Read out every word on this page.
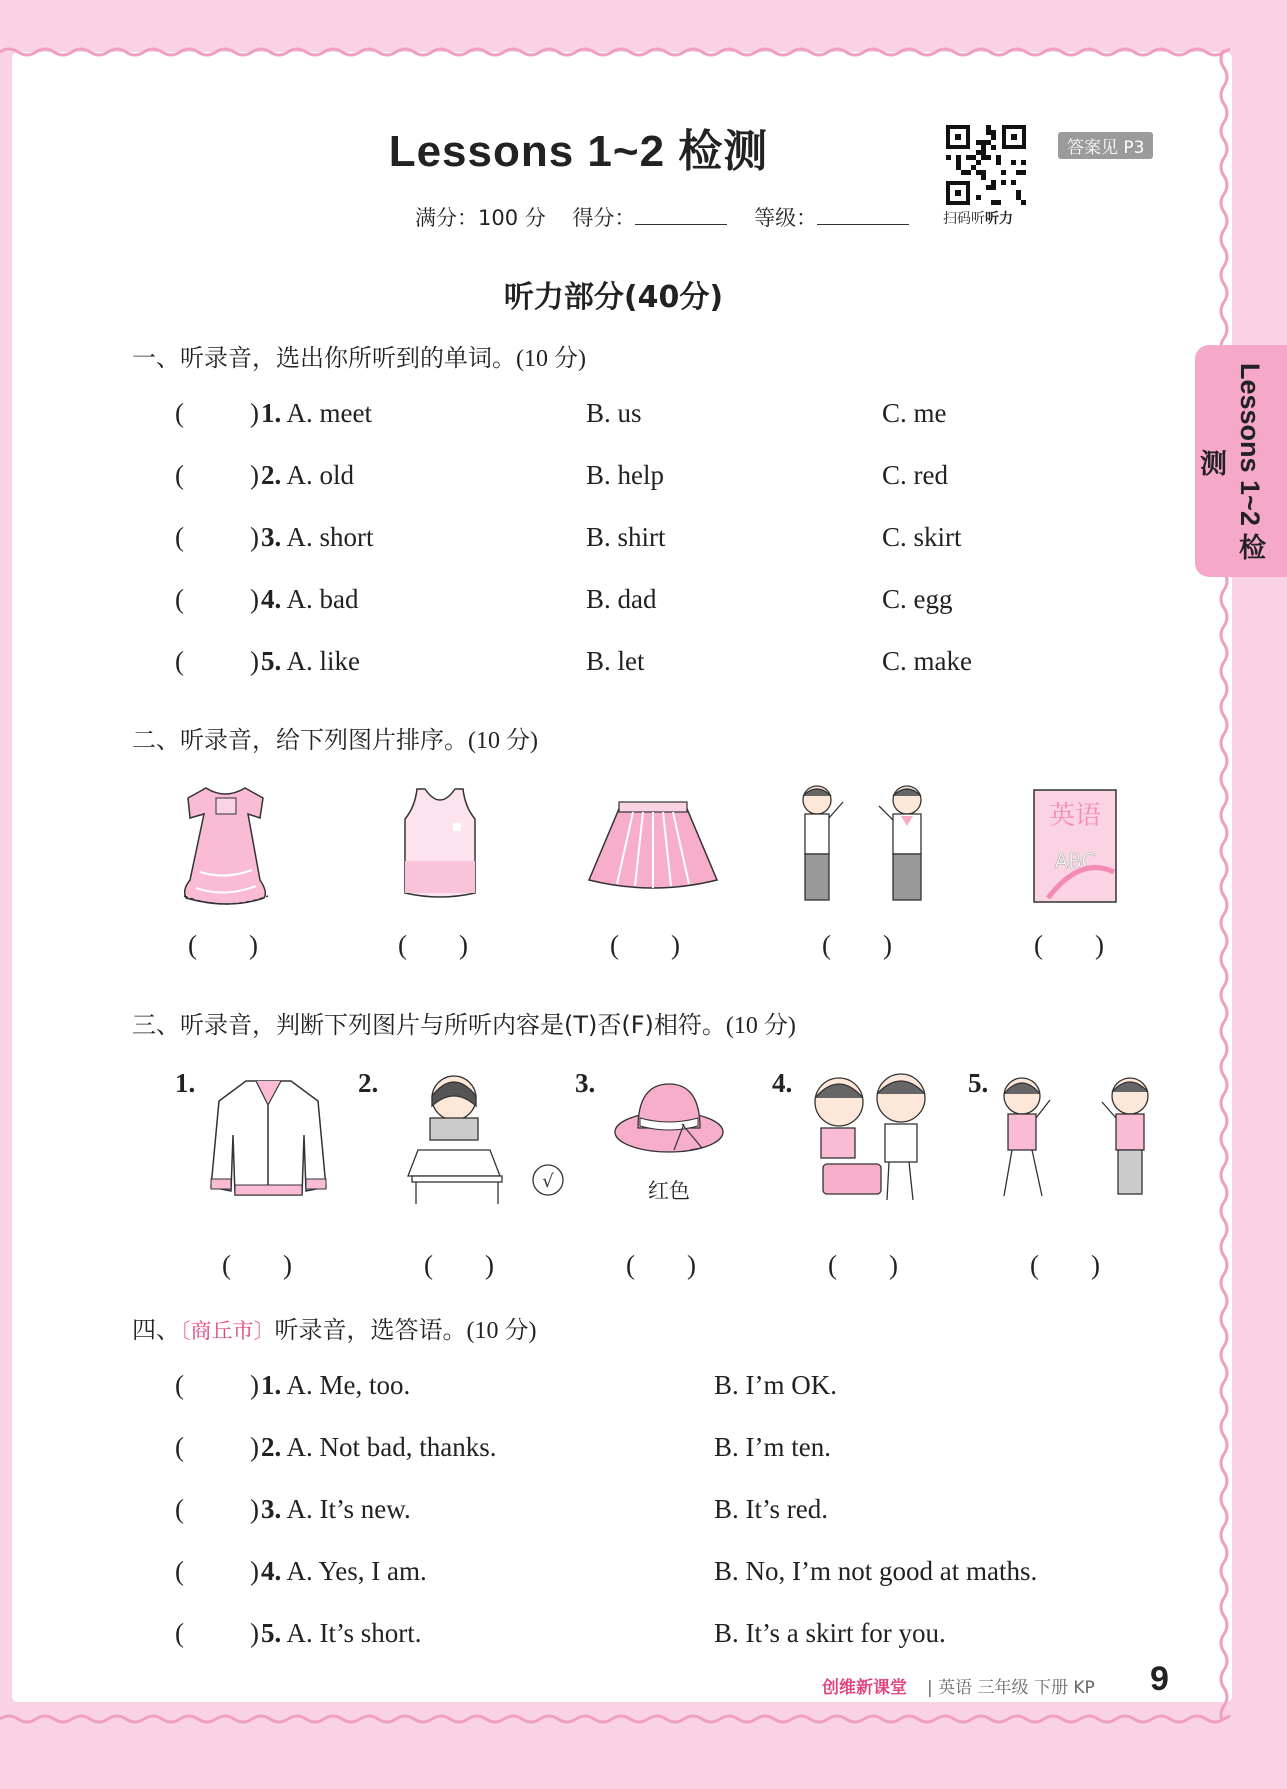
Lessons 1~2 检测
满分：100 分 得分：	等级：	扫码听听力
答案见 P3
Lessons 1~2 检测
听力部分(40分)
一、听录音，选出你所听到的单词。(10 分)
( ) 1. A. meet	B. us	C. me
( ) 2. A. old	B. help	C. red
( ) 3. A. short	B. shirt	C. skirt
( ) 4. A. bad	B. dad	C. egg
( ) 5. A. like	B. let	C. make
二、听录音，给下列图片排序。(10 分)
英语
ABC
( )	( )	( )	( )	( )
三、听录音，判断下列图片与所听内容是(T)否(F)相符。(10 分)
1.	2.	3.	4.	5.
√	红色
( )	( )	( )	( )	( )
四、〔商丘市〕听录音，选答语。(10 分)
( ) 1. A. Me, too.	B. I’m OK.
( ) 2. A. Not bad, thanks.	B. I’m ten.
( ) 3. A. It’s new.	B. It’s red.
( ) 4. A. Yes, I am.	B. No, I’m not good at maths.
( ) 5. A. It’s short.	B. It’s a skirt for you.
创维新课堂 | 英语 三年级 下册 KP 9
